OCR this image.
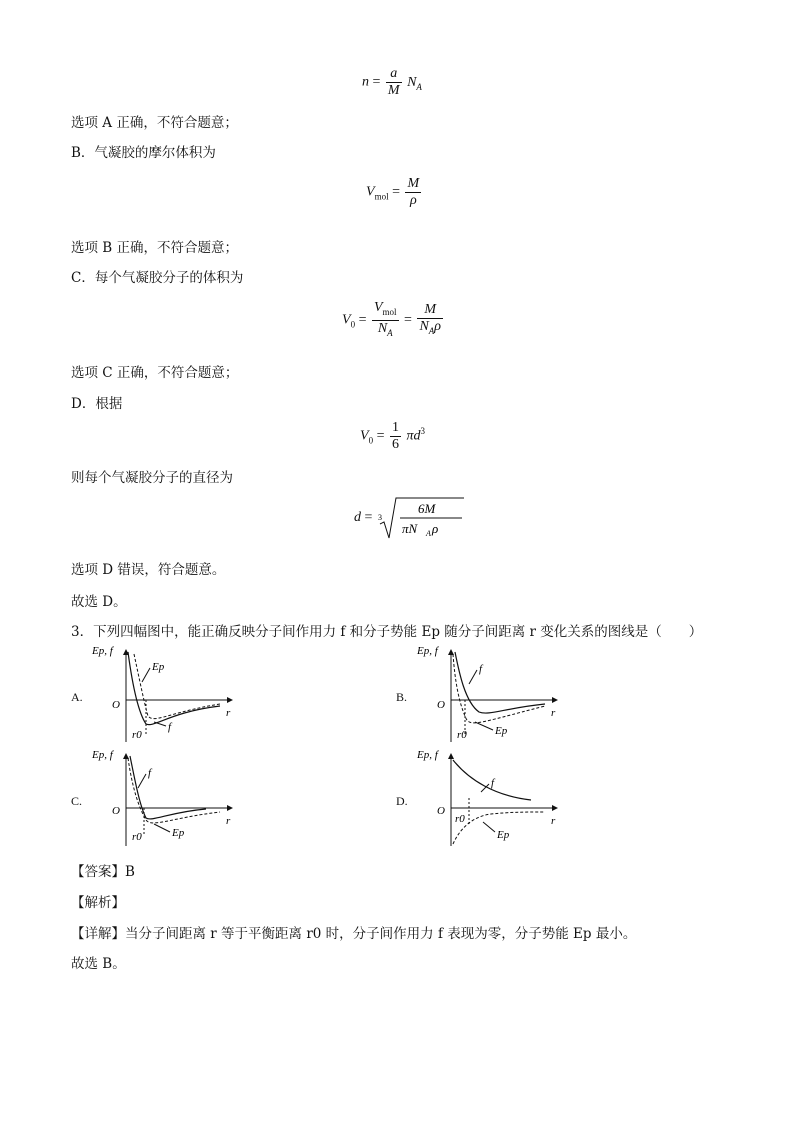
$n = \frac{a}{M} N_A$
选项 A 正确，不符合题意；
B．气凝胶的摩尔体积为
$V_{mol} = \frac{M}{\rho}$
选项 B 正确，不符合题意；
C．每个气凝胶分子的体积为
$V_0 = \frac{V_{mol}}{N_A} = \frac{M}{N_A\rho}$
选项 C 正确，不符合题意；
D．根据
$V_0 = \frac{1}{6} \pi d^3$
则每个气凝胶分子的直径为
d = 3
6M
πN A ρ
选项 D 错误，符合题意。
故选 D。
3．下列四幅图中，能正确反映分子间作用力 f 和分子势能 Ep 随分子间距离 r 变化关系的图线是（　　）
A.	B.
C.	D.
Ep, f
O
r
r0
Ep
f
Ep, f
O
r
r0
f
Ep
Ep, f
O
r
r0
f
Ep
Ep, f
O
r
r0
f
Ep
【答案】B
【解析】
【详解】当分子间距离 r 等于平衡距离 r0 时，分子间作用力 f 表现为零，分子势能 Ep 最小。
故选 B。
